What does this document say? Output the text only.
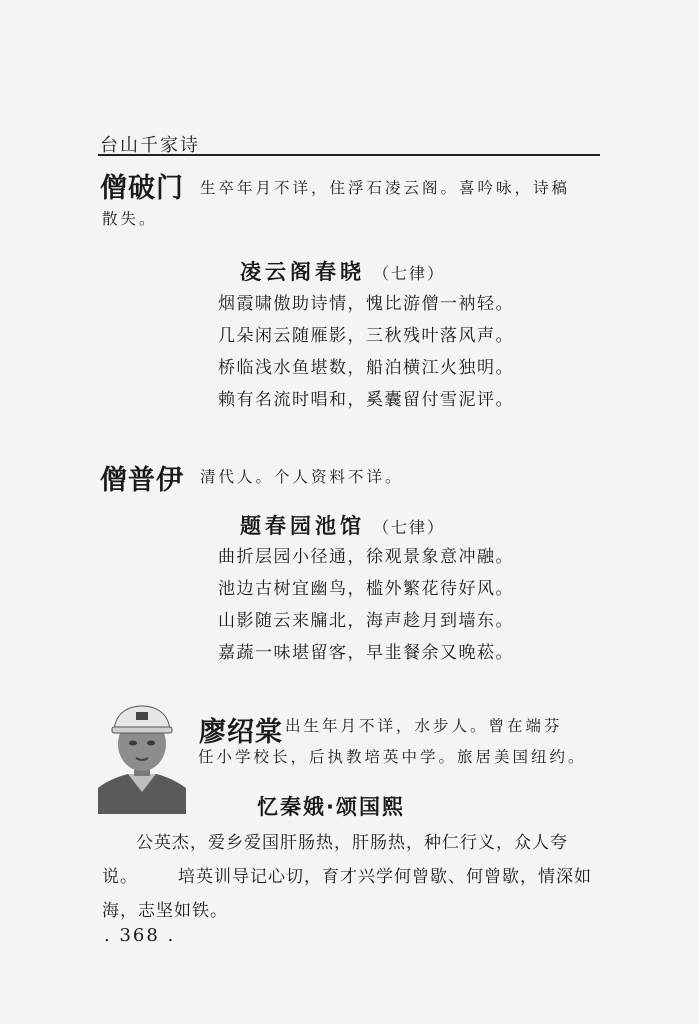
台山千家诗
僧破门 生卒年月不详，住浮石凌云阁。喜吟咏，诗稿
散失。
凌云阁春晓 （七律）
烟霞啸傲助诗情，愧比游僧一衲轻。
几朵闲云随雁影，三秋残叶落风声。
桥临浅水鱼堪数，船泊横江火独明。
赖有名流时唱和，奚囊留付雪泥评。
僧普伊 清代人。个人资料不详。
题春园池馆 （七律）
曲折层园小径通，徐观景象意冲融。
池边古树宜幽鸟，槛外繁花待好风。
山影随云来牖北，海声趁月到墙东。
嘉蔬一味堪留客，早韭餐余又晚菘。
廖绍棠 出生年月不详，水步人。曾在端芬
任小学校长，后执教培英中学。旅居美国纽约。
忆秦娥·颂国熙
公英杰，爱乡爱国肝肠热，肝肠热，种仁行义，众人夸说。 培英训导记心切，育才兴学何曾歇、何曾歇，情深如海，志坚如铁。
. 368 .
